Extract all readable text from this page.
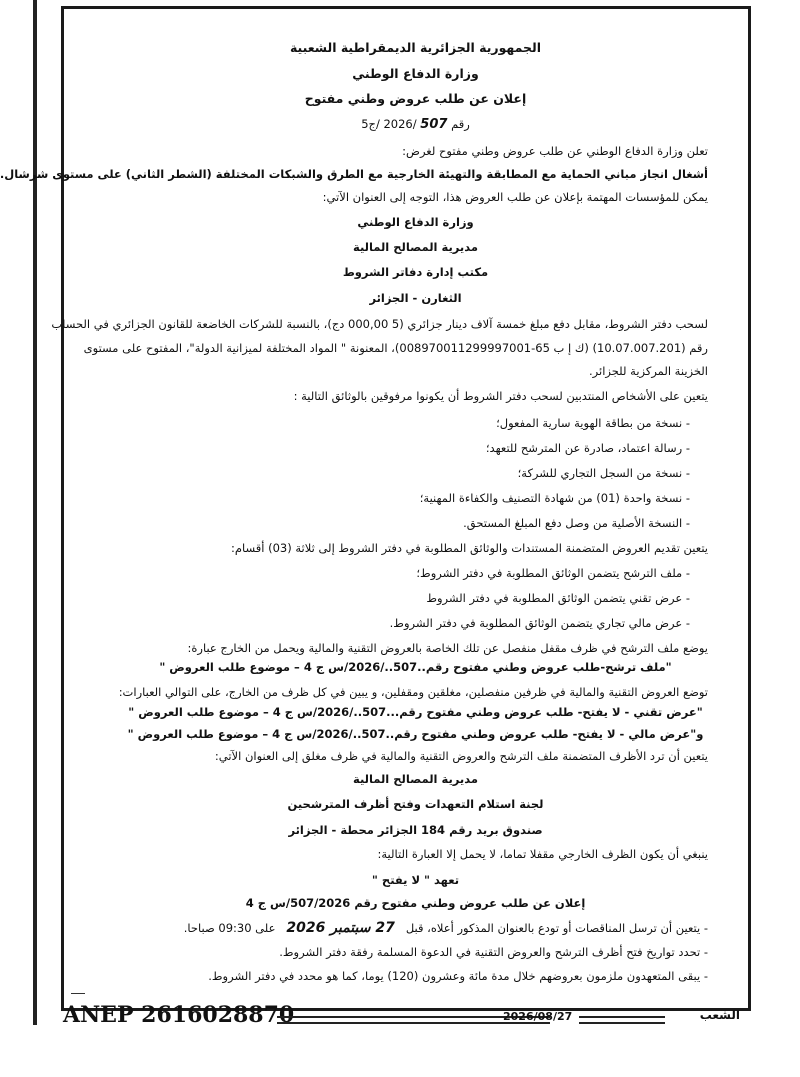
الجمهورية الجزائرية الديمقراطية الشعبية
وزارة الدفاع الوطني
إعلان عن طلب عروض وطني مفتوح
رقم 507 /2026 /ج5
تعلن وزارة الدفاع الوطني عن طلب عروض وطني مفتوح لغرض:
أشغال انجاز مباني الحماية مع المطابقة والتهيئة الخارجية مع الطرق والشبكات المختلفة (الشطر الثاني) على مستوى شرشال.
يمكن للمؤسسات المهتمة بإعلان عن طلب العروض هذا، التوجه إلى العنوان الآتي:
وزارة الدفاع الوطني
مديرية المصالح المالية
مكتب إدارة دفاتر الشروط
الثغارن - الجزائر
لسحب دفتر الشروط، مقابل دفع مبلغ خمسة آلاف دينار جزائري (5 000,00 دج)، بالنسبة للشركات الخاضعة للقانون الجزائري في الحساب
رقم (10.07.007.201) (ك إ ب 65-008970011299997001)، المعنونة " المواد المختلفة لميزانية الدولة"، المفتوح على مستوى
الخزينة المركزية للجزائر.
يتعين على الأشخاص المنتدبين لسحب دفتر الشروط أن يكونوا مرفوقين بالوثائق التالية :
- نسخة من بطاقة الهوية سارية المفعول؛
- رسالة اعتماد، صادرة عن المترشح للتعهد؛
- نسخة من السجل التجاري للشركة؛
- نسخة واحدة (01) من شهادة التصنيف والكفاءة المهنية؛
- النسخة الأصلية من وصل دفع المبلغ المستحق.
يتعين تقديم العروض المتضمنة المستندات والوثائق المطلوبة في دفتر الشروط إلى ثلاثة (03) أقسام:
- ملف الترشح يتضمن الوثائق المطلوبة في دفتر الشروط؛
- عرض تقني يتضمن الوثائق المطلوبة في دفتر الشروط
- عرض مالي تجاري يتضمن الوثائق المطلوبة في دفتر الشروط.
يوضع ملف الترشح في ظرف مقفل منفصل عن تلك الخاصة بالعروض التقنية والمالية ويحمل من الخارج عبارة:
"ملف ترشح-طلب عروض وطني مفتوح رقم..507../2026/س ج 4 – موضوع طلب العروض "
توضع العروض التقنية والمالية في ظرفين منفصلين، مغلقين ومقفلين، و يبين في كل ظرف من الخارج، على التوالي العبارات:
"عرض تقني - لا يفتح- طلب عروض وطني مفتوح رقم...507../2026/س ج 4 – موضوع طلب العروض "
و"عرض مالي - لا يفتح- طلب عروض وطني مفتوح رقم..507../2026/س ج 4 – موضوع طلب العروض "
يتعين أن ترد الأظرف المتضمنة ملف الترشح والعروض التقنية والمالية في ظرف مغلق إلى العنوان الآتي:
مديرية المصالح المالية
لجنة استلام التعهدات وفتح أظرف المترشحين
صندوق بريد رقم 184 الجزائر محطة - الجزائر
ينبغي أن يكون الظرف الخارجي مقفلا تماما، لا يحمل إلا العبارة التالية:
تعهد " لا يفتح "
إعلان عن طلب عروض وطني مفتوح رقم 507/2026/س ج 4
- يتعين أن ترسل المناقصات أو تودع بالعنوان المذكور أعلاه، قبل   27 سبتمبر 2026   على 09:30 صباحا.
- تحدد تواريخ فتح أظرف الترشح والعروض التقنية في الدعوة المسلمة رفقة دفتر الشروط.
- يبقى المتعهدون ملزمون بعروضهم خلال مدة مائة وعشرون (120) يوما، كما هو محدد في دفتر الشروط.
ANEP 2616028870	2026/08/27	الشعب
